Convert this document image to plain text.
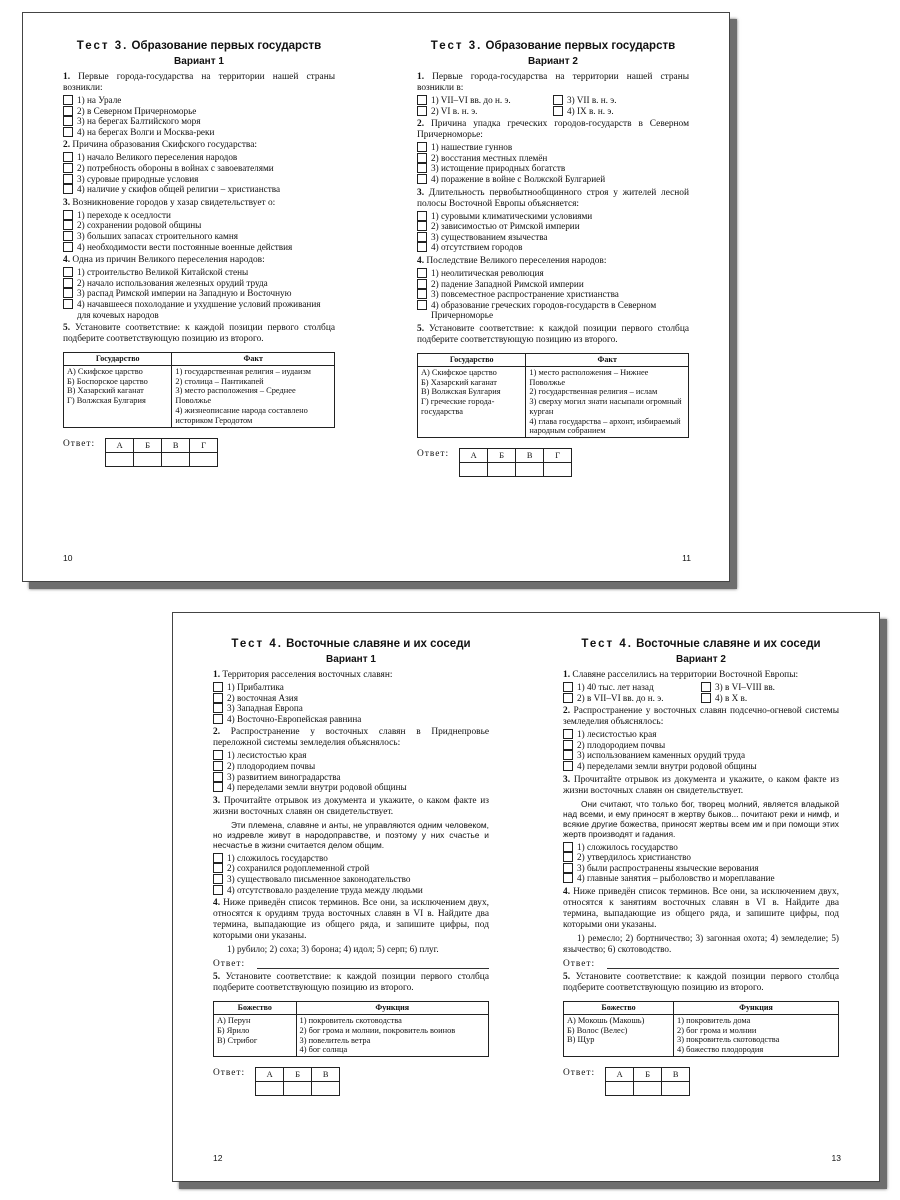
Тест 3. Образование первых государств
Вариант 1
1. Первые города-государства на территории нашей страны возникли:
1) на Урале
2) в Северном Причерноморье
3) на берегах Балтийского моря
4) на берегах Волги и Москва-реки
2. Причина образования Скифского государства:
1) начало Великого переселения народов
2) потребность обороны в войнах с завоевателями
3) суровые природные условия
4) наличие у скифов общей религии – христианства
3. Возникновение городов у хазар свидетельствует о:
1) переходе к оседлости
2) сохранении родовой общины
3) больших запасах строительного камня
4) необходимости вести постоянные военные действия
4. Одна из причин Великого переселения народов:
1) строительство Великой Китайской стены
2) начало использования железных орудий труда
3) распад Римской империи на Западную и Восточную
4) начавшееся похолодание и ухудшение условий проживания для кочевых народов
5. Установите соответствие: к каждой позиции первого столбца подберите соответствующую позицию из второго.
Государство	Факт

А) Скифское царство
Б) Боспорское царство
В) Хазарский каганат
Г) Волжская Булгария	1) государственная религия – иудаизм
2) столица – Пантикапей
3) место расположения – Среднее Поволжье
4) жизнеописание народа составлено историком Геродотом
Ответ:	А	Б	В	Г

10
Тест 3. Образование первых государств
Вариант 2
1. Первые города-государства на территории нашей страны возникли в:
1) VII–VI вв. до н. э.	3) VII в. н. э.
2) VI в. н. э.	4) IX в. н. э.
2. Причина упадка греческих городов-государств в Северном Причерноморье:
1) нашествие гуннов
2) восстания местных племён
3) истощение природных богатств
4) поражение в войне с Волжской Булгарией
3. Длительность первобытнообщинного строя у жителей лесной полосы Восточной Европы объясняется:
1) суровыми климатическими условиями
2) зависимостью от Римской империи
3) существованием язычества
4) отсутствием городов
4. Последствие Великого переселения народов:
1) неолитическая революция
2) падение Западной Римской империи
3) повсеместное распространение христианства
4) образование греческих городов-государств в Северном Причерноморье
5. Установите соответствие: к каждой позиции первого столбца подберите соответствующую позицию из второго.
Государство	Факт

А) Скифское царство
Б) Хазарский каганат
В) Волжская Булгария
Г) греческие города-государства	1) место расположения – Нижнее Поволжье
2) государственная религия – ислам
3) сверху могил знати насыпали огромный курган
4) глава государства – архонт, избираемый народным собранием
Ответ:	А	Б	В	Г

11
Тест 4. Восточные славяне и их соседи
Вариант 1
1. Территория расселения восточных славян:
1) Прибалтика
2) восточная Азия
3) Западная Европа
4) Восточно-Европейская равнина
2. Распространение у восточных славян в Приднепровье переложной системы земледелия объяснялось:
1) лесистостью края
2) плодородием почвы
3) развитием виноградарства
4) переделами земли внутри родовой общины
3. Прочитайте отрывок из документа и укажите, о каком факте из жизни восточных славян он свидетельствует.
Эти племена, славяне и анты, не управляются одним человеком, но издревле живут в народоправстве, и поэтому у них счастье и несчастье в жизни считается делом общим.
1) сложилось государство
2) сохранился родоплеменной строй
3) существовало письменное законодательство
4) отсутствовало разделение труда между людьми
4. Ниже приведён список терминов. Все они, за исключением двух, относятся к орудиям труда восточных славян в VI в. Найдите два термина, выпадающие из общего ряда, и запишите цифры, под которыми они указаны.
1) рубило; 2) соха; 3) борона; 4) идол; 5) серп; 6) плуг.
Ответ:
5. Установите соответствие: к каждой позиции первого столбца подберите соответствующую позицию из второго.
Божество	Функция

А) Перун
Б) Ярило
В) Стрибог	1) покровитель скотоводства
2) бог грома и молнии, покровитель воинов
3) повелитель ветра
4) бог солнца
Ответ:	А	Б	В

12
Тест 4. Восточные славяне и их соседи
Вариант 2
1. Славяне расселились на территории Восточной Европы:
1) 40 тыс. лет назад	3) в VI–VIII вв.
2) в VII–VI вв. до н. э.	4) в X в.
2. Распространение у восточных славян подсечно-огневой системы земледелия объяснялось:
1) лесистостью края
2) плодородием почвы
3) использованием каменных орудий труда
4) переделами земли внутри родовой общины
3. Прочитайте отрывок из документа и укажите, о каком факте из жизни восточных славян он свидетельствует.
Они считают, что только бог, творец молний, является владыкой над всеми, и ему приносят в жертву быков... почитают реки и нимф, и всякие другие божества, приносят жертвы всем им и при помощи этих жертв производят и гадания.
1) сложилось государство
2) утвердилось христианство
3) были распространены языческие верования
4) главные занятия – рыболовство и мореплавание
4. Ниже приведён список терминов. Все они, за исключением двух, относятся к занятиям восточных славян в VI в. Найдите два термина, выпадающие из общего ряда, и запишите цифры, под которыми они указаны.
1) ремесло; 2) бортничество; 3) загонная охота; 4) земледелие; 5) язычество; 6) скотоводство.
Ответ:
5. Установите соответствие: к каждой позиции первого столбца подберите соответствующую позицию из второго.
Божество	Функция

А) Мокошь (Макошь)
Б) Волос (Велес)
В) Щур	1) покровитель дома
2) бог грома и молнии
3) покровитель скотоводства
4) божество плодородия
Ответ:	А	Б	В

13
